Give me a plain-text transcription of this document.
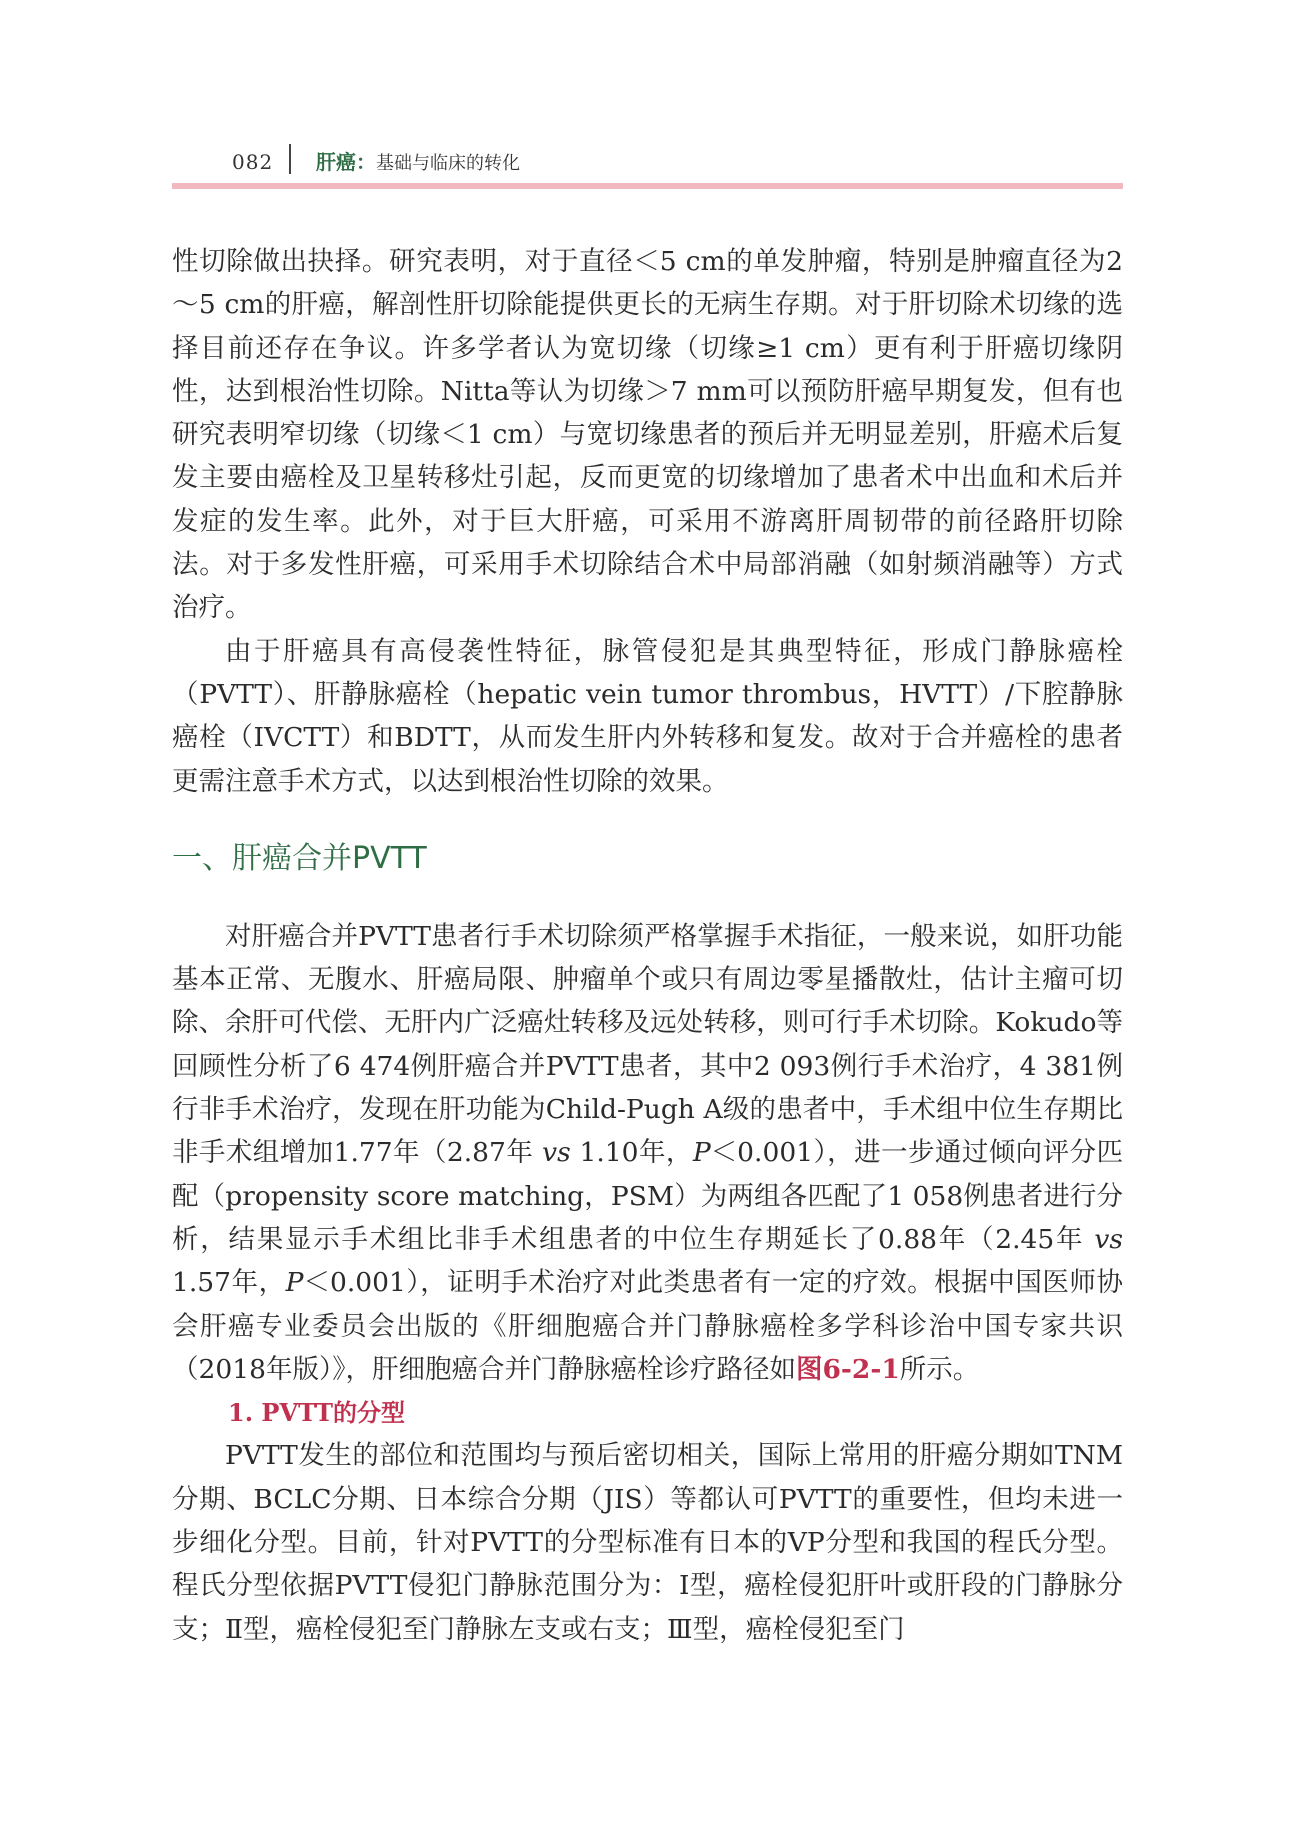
082 肝癌：基础与临床的转化

性切除做出抉择。研究表明，对于直径＜5 cm的单发肿瘤，特别是肿瘤直径为2～5 cm的肝癌，解剖性肝切除能提供更长的无病生存期。对于肝切除术切缘的选择目前还存在争议。许多学者认为宽切缘（切缘≥1 cm）更有利于肝癌切缘阴性，达到根治性切除。Nitta等认为切缘＞7 mm可以预防肝癌早期复发，但有也研究表明窄切缘（切缘＜1 cm）与宽切缘患者的预后并无明显差别，肝癌术后复发主要由癌栓及卫星转移灶引起，反而更宽的切缘增加了患者术中出血和术后并发症的发生率。此外，对于巨大肝癌，可采用不游离肝周韧带的前径路肝切除法。对于多发性肝癌，可采用手术切除结合术中局部消融（如射频消融等）方式治疗。

由于肝癌具有高侵袭性特征，脉管侵犯是其典型特征，形成门静脉癌栓（PVTT）、肝静脉癌栓（hepatic vein tumor thrombus，HVTT）/下腔静脉癌栓（IVCTT）和BDTT，从而发生肝内外转移和复发。故对于合并癌栓的患者更需注意手术方式，以达到根治性切除的效果。

一、肝癌合并PVTT

对肝癌合并PVTT患者行手术切除须严格掌握手术指征，一般来说，如肝功能基本正常、无腹水、肝癌局限、肿瘤单个或只有周边零星播散灶，估计主瘤可切除、余肝可代偿、无肝内广泛癌灶转移及远处转移，则可行手术切除。Kokudo等回顾性分析了6 474例肝癌合并PVTT患者，其中2 093例行手术治疗，4 381例行非手术治疗，发现在肝功能为Child-Pugh A级的患者中，手术组中位生存期比非手术组增加1.77年（2.87年 vs 1.10年，P＜0.001），进一步通过倾向评分匹配（propensity score matching，PSM）为两组各匹配了1 058例患者进行分析，结果显示手术组比非手术组患者的中位生存期延长了0.88年（2.45年 vs 1.57年，P＜0.001），证明手术治疗对此类患者有一定的疗效。根据中国医师协会肝癌专业委员会出版的《肝细胞癌合并门静脉癌栓多学科诊治中国专家共识（2018年版）》，肝细胞癌合并门静脉癌栓诊疗路径如图6-2-1所示。

1. PVTT的分型

PVTT发生的部位和范围均与预后密切相关，国际上常用的肝癌分期如TNM分期、BCLC分期、日本综合分期（JIS）等都认可PVTT的重要性，但均未进一步细化分型。目前，针对PVTT的分型标准有日本的VP分型和我国的程氏分型。程氏分型依据PVTT侵犯门静脉范围分为：Ⅰ型，癌栓侵犯肝叶或肝段的门静脉分支；Ⅱ型，癌栓侵犯至门静脉左支或右支；Ⅲ型，癌栓侵犯至门
